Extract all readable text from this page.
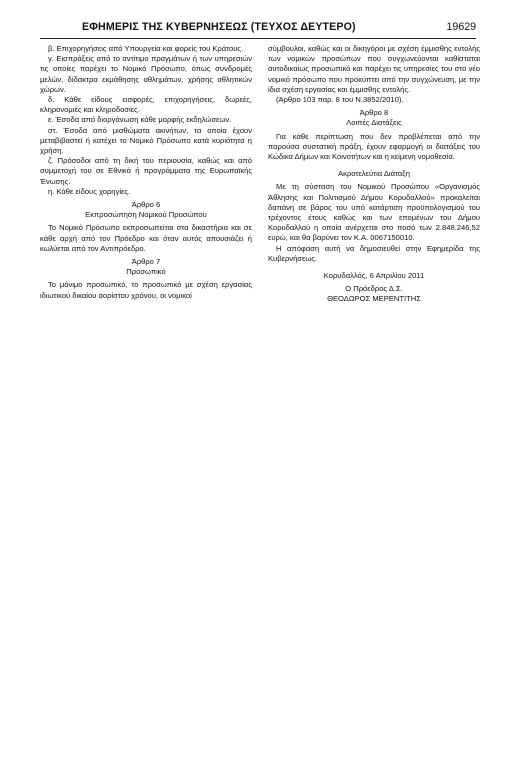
ΕΦΗΜΕΡΙΣ ΤΗΣ ΚΥΒΕΡΝΗΣΕΩΣ (ΤΕΥΧΟΣ ΔΕΥΤΕΡΟ)	19629

β. Επιχορηγήσεις από Υπουργεία και φορείς του Κράτους.

γ. Εισπράξεις από το αντίτιμο πραγμάτων ή των υπηρεσιών τις οποίες παρέχει το Νομικό Πρόσωπο, όπως συνδρομές μελών, δίδακτρα εκμάθησης αθλημάτων, χρήσης αθλητικών χώρων.

δ. Κάθε είδους εισφορές, επιχορηγήσεις, δωρεές, κληρονομιές και κληροδοσίες.

ε. Έσοδα από διοργάνωση κάθε μορφής εκδηλώσεων.

στ. Έσοδα από μισθώματα ακινήτων, τα οποία έχουν μεταβιβαστεί ή κατέχει το Νομικό Πρόσωπο κατά κυριότητα η χρήση.

ζ. Πρόσοδοι από τη δική του περιουσία, καθώς και από συμμετοχή του σε Εθνικά ή προγράμματα της Ευρωπαϊκής Ένωσης.

η. Κάθε είδους χορηγίες.

Άρθρο 6

Εκπροσώπηση Νομικού Προσώπου

Το Νομικό Πρόσωπο εκπροσωπείται στα δικαστήρια και σε κάθε αρχή από τον Πρόεδρο και όταν αυτός απουσιάζει ή κωλύεται από τον Αντιπρόεδρο.

Άρθρο 7

Προσωπικό

Το μόνιμο προσωπικό, το προσωπικό με σχέση εργασίας ιδιωτικού δικαίου αορίστου χρόνου, οι νομικοί

σύμβουλοι, καθώς και οι δικηγόροι με σχέση έμμισθης εντολής των νομικών προσώπων που συγχωνεύονται καθίσταται αυτοδικαίως προσωπικό και παρέχει τις υπηρεσίες του στο νέο νομικό πρόσωπο που προκύπτει από την συγχώνευση, με την ίδια σχέση εργασίας και έμμισθης εντολής.

(Άρθρο 103 παρ. 8 του Ν.3852/2010).

Άρθρο 8

Λοιπές Διατάξεις

Για κάθε περίπτωση που δεν προβλέπεται από την παρούσα συστατική πράξη, έχουν εφαρμογή οι διατάξεις του Κώδικα Δήμων και Κοινοτήτων και η κείμενη νομοθεσία.

Ακροτελεύτια Διάταξη

Με τη σύσταση του Νομικού Προσώπου «Οργανισμός Άθλησης και Πολιτισμού Δήμου Κορυδαλλού» προκαλείται δαπάνη σε βάρος του υπό κατάρτιση προϋπολογισμού του τρέχοντος έτους καθώς και των επομένων του Δήμου Κορυδαλλού η οποία ανέρχεται στο ποσό των 2.848.246,52 ευρώ, και θα βαρύνει τον Κ.Α. 0067150010.

Η απόφαση αυτή να δημοσιευθεί στην Εφημερίδα της Κυβερνήσεως.

Κορυδαλλός, 6 Απριλίου 2011

Ο Πρόεδρος Δ.Σ.

ΘΕΟΔΩΡΟΣ ΜΕΡΕΝΤΙΤΗΣ
